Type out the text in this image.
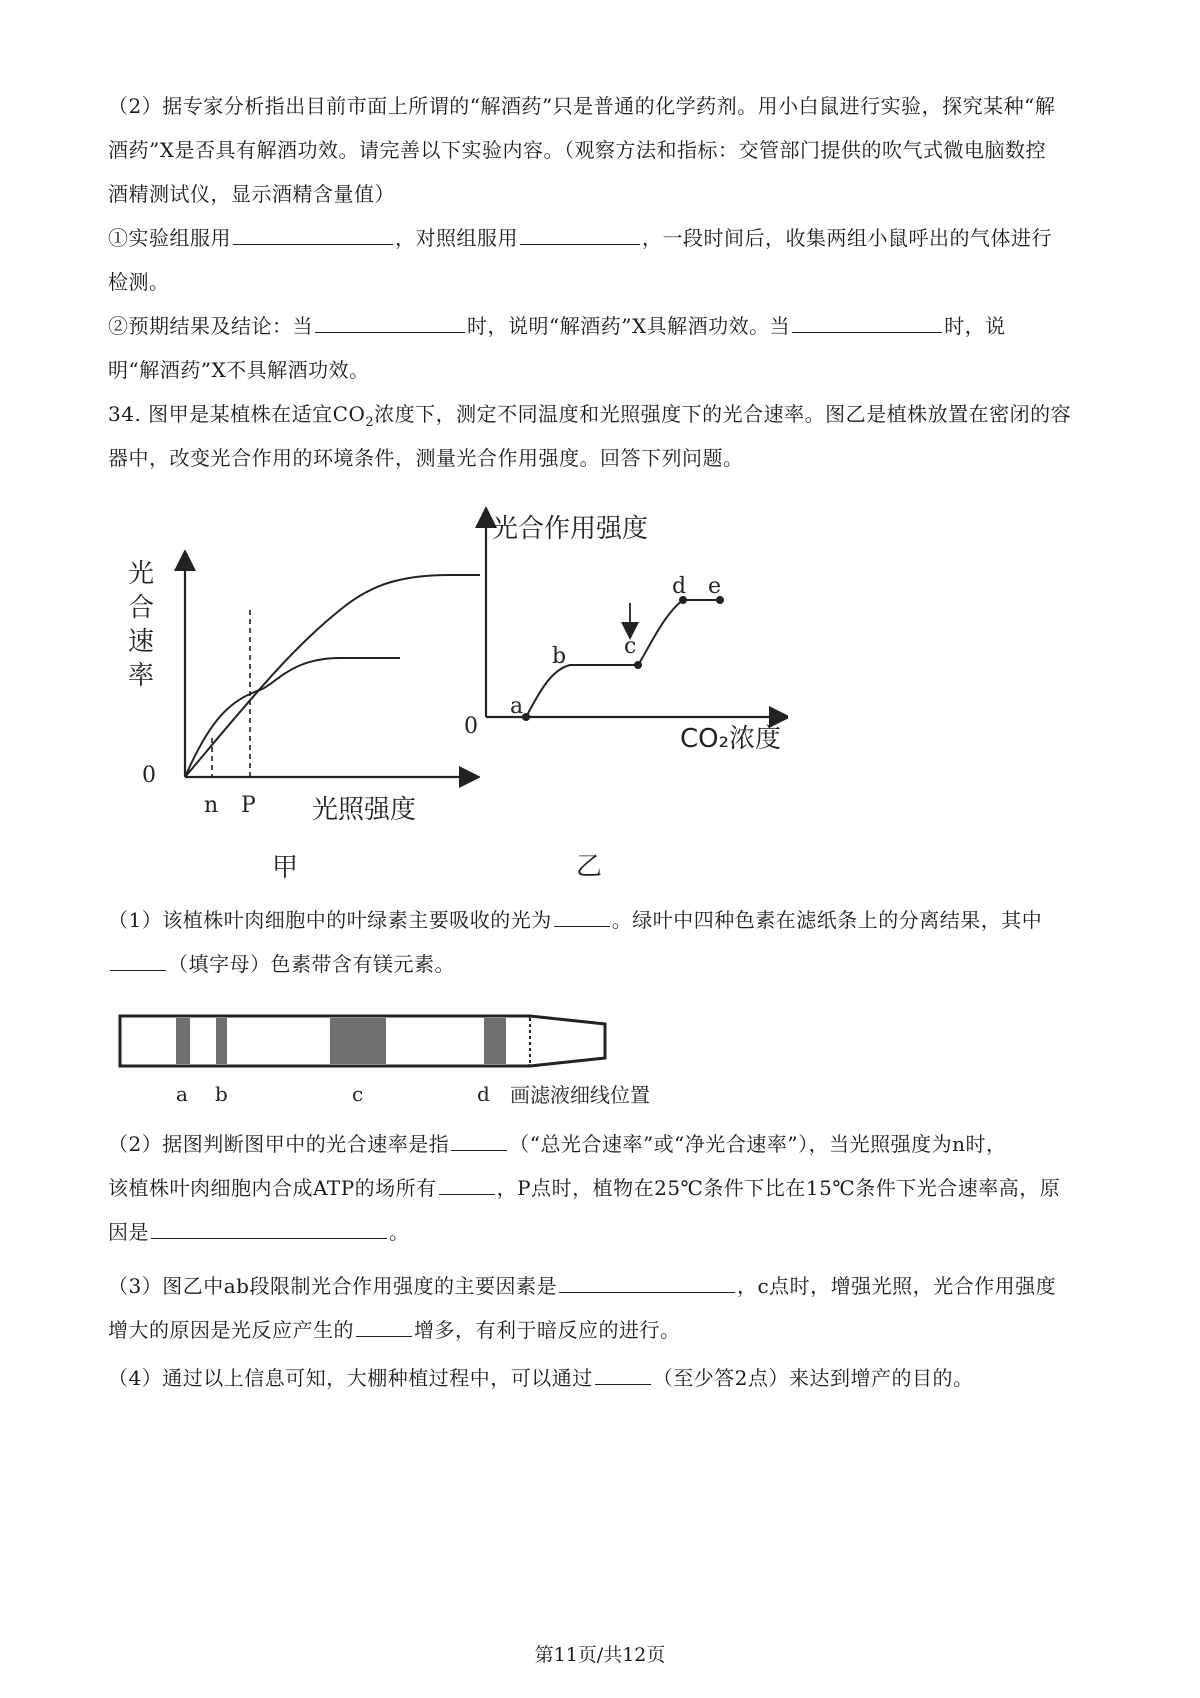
（2）据专家分析指出目前市面上所谓的“解酒药”只是普通的化学药剂。用小白鼠进行实验，探究某种“解
酒药”X是否具有解酒功效。请完善以下实验内容。（观察方法和指标：交管部门提供的吹气式微电脑数控
酒精测试仪，显示酒精含量值）
①实验组服用	，对照组服用	，一段时间后，收集两组小鼠呼出的气体进行
检测。
②预期结果及结论：当	时，说明“解酒药”X具解酒功效。当	时，说
明“解酒药”X不具解酒功效。
34. 图甲是某植株在适宜$CO_2$浓度下，测定不同温度和光照强度下的光合速率。图乙是植株放置在密闭的容
器中，改变光合作用的环境条件，测量光合作用强度。回答下列问题。
光
合
速
率
0
n P 光照强度
甲
光合作用强度
0	CO₂浓度
a
b	c
d e
乙
（1）该植株叶肉细胞中的叶绿素主要吸收的光为	。绿叶中四种色素在滤纸条上的分离结果，其中
（填字母）色素带含有镁元素。
a b	c	d 画滤液细线位置
（2）据图判断图甲中的光合速率是指	（“总光合速率”或“净光合速率”），当光照强度为n时，
该植株叶肉细胞内合成ATP的场所有	，P点时，植物在25℃条件下比在15℃条件下光合速率高，原
因是	。
（3）图乙中ab段限制光合作用强度的主要因素是	，c点时，增强光照，光合作用强度
增大的原因是光反应产生的	增多，有利于暗反应的进行。
（4）通过以上信息可知，大棚种植过程中，可以通过	（至少答2点）来达到增产的目的。
第11页/共12页
